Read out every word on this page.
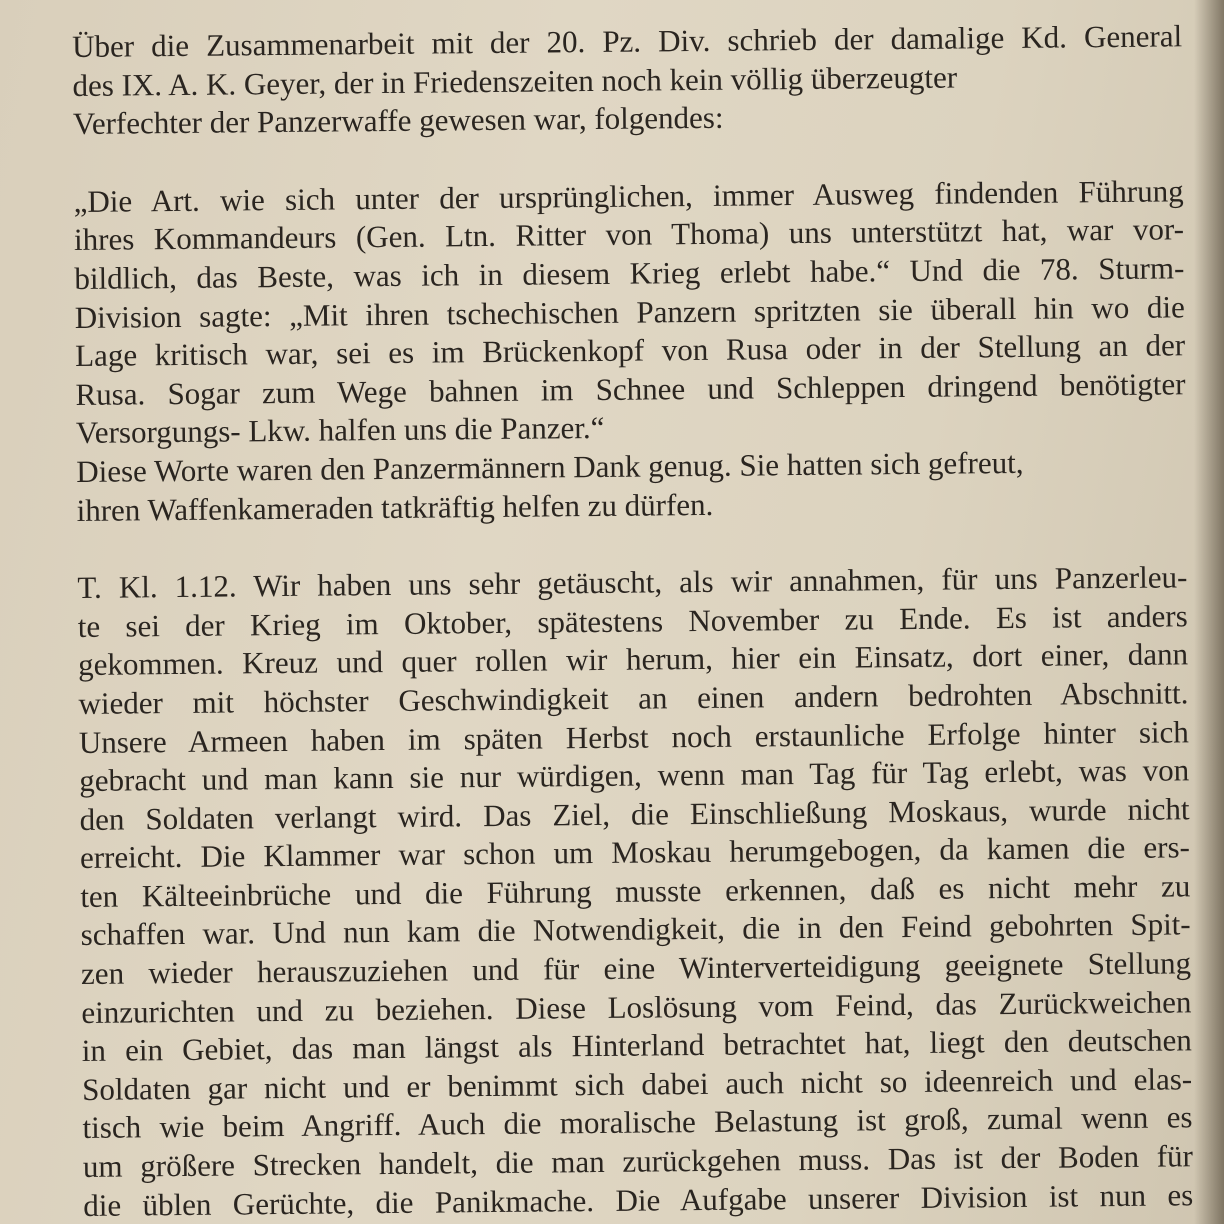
Über die Zusammenarbeit mit der 20. Pz. Div. schrieb der damalige Kd. General
des IX. A. K. Geyer, der in Friedenszeiten noch kein völlig überzeugter
Verfechter der Panzerwaffe gewesen war, folgendes:
„Die Art. wie sich unter der ursprünglichen, immer Ausweg findenden Führung
ihres Kommandeurs (Gen. Ltn. Ritter von Thoma) uns unterstützt hat, war vor-
bildlich, das Beste, was ich in diesem Krieg erlebt habe.“ Und die 78. Sturm-
Division sagte: „Mit ihren tschechischen Panzern spritzten sie überall hin wo die
Lage kritisch war, sei es im Brückenkopf von Rusa oder in der Stellung an der
Rusa. Sogar zum Wege bahnen im Schnee und Schleppen dringend benötigter
Versorgungs- Lkw. halfen uns die Panzer.“
Diese Worte waren den Panzermännern Dank genug. Sie hatten sich gefreut,
ihren Waffenkameraden tatkräftig helfen zu dürfen.
T. Kl. 1.12. Wir haben uns sehr getäuscht, als wir annahmen, für uns Panzerleu-
te sei der Krieg im Oktober, spätestens November zu Ende. Es ist anders
gekommen. Kreuz und quer rollen wir herum, hier ein Einsatz, dort einer, dann
wieder mit höchster Geschwindigkeit an einen andern bedrohten Abschnitt.
Unsere Armeen haben im späten Herbst noch erstaunliche Erfolge hinter sich
gebracht und man kann sie nur würdigen, wenn man Tag für Tag erlebt, was von
den Soldaten verlangt wird. Das Ziel, die Einschließung Moskaus, wurde nicht
erreicht. Die Klammer war schon um Moskau herumgebogen, da kamen die ers-
ten Kälteeinbrüche und die Führung musste erkennen, daß es nicht mehr zu
schaffen war. Und nun kam die Notwendigkeit, die in den Feind gebohrten Spit-
zen wieder herauszuziehen und für eine Winterverteidigung geeignete Stellung
einzurichten und zu beziehen. Diese Loslösung vom Feind, das Zurückweichen
in ein Gebiet, das man längst als Hinterland betrachtet hat, liegt den deutschen
Soldaten gar nicht und er benimmt sich dabei auch nicht so ideenreich und elas-
tisch wie beim Angriff. Auch die moralische Belastung ist groß, zumal wenn es
um größere Strecken handelt, die man zurückgehen muss. Das ist der Boden für
die üblen Gerüchte, die Panikmache. Die Aufgabe unserer Division ist nun es
